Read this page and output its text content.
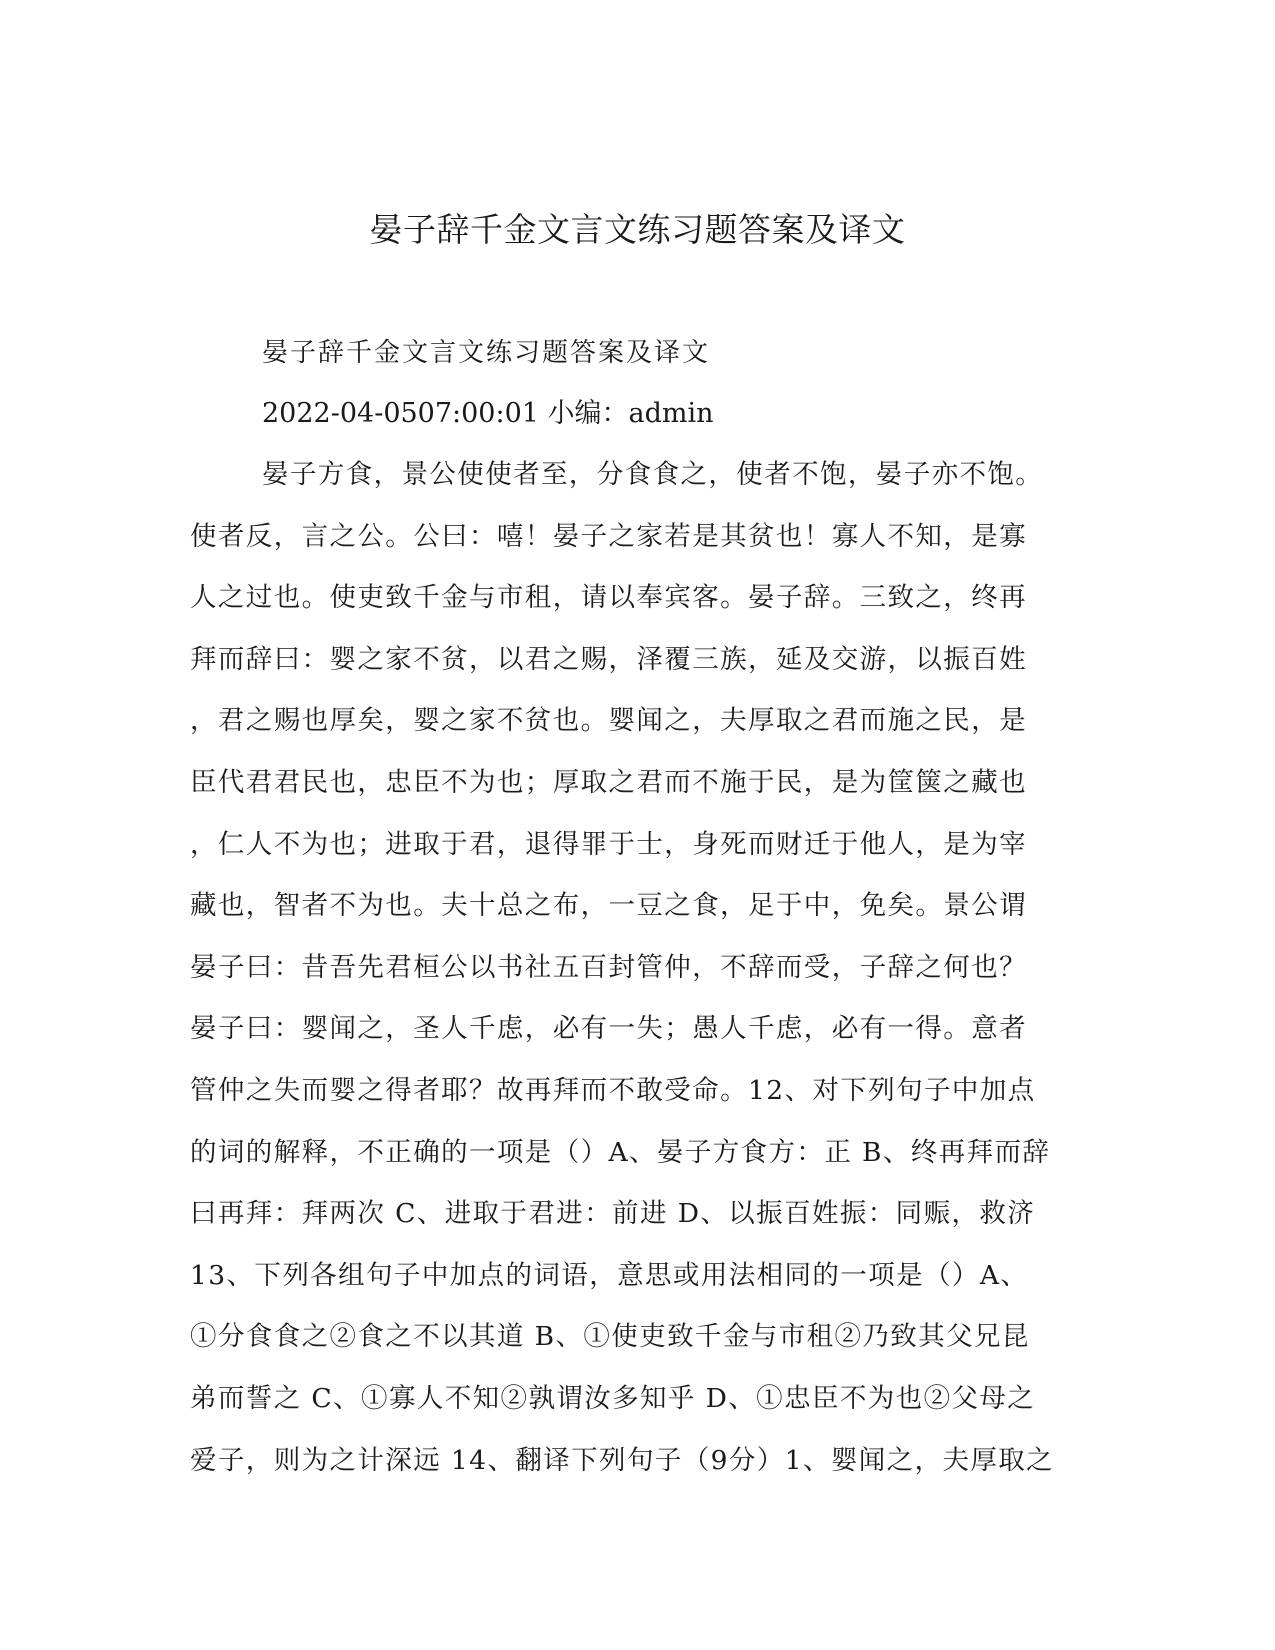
晏子辞千金文言文练习题答案及译文
晏子辞千金文言文练习题答案及译文
2022-04-0507:00:01 小编：admin
晏子方食，景公使使者至，分食食之，使者不饱，晏子亦不饱。
使者反，言之公。公曰：嘻！晏子之家若是其贫也！寡人不知，是寡
人之过也。使吏致千金与市租，请以奉宾客。晏子辞。三致之，终再
拜而辞曰：婴之家不贫，以君之赐，泽覆三族，延及交游，以振百姓
，君之赐也厚矣，婴之家不贫也。婴闻之，夫厚取之君而施之民，是
臣代君君民也，忠臣不为也；厚取之君而不施于民，是为筐箧之藏也
，仁人不为也；进取于君，退得罪于士，身死而财迁于他人，是为宰
藏也，智者不为也。夫十总之布，一豆之食，足于中，免矣。景公谓
晏子曰：昔吾先君桓公以书社五百封管仲，不辞而受，子辞之何也？
晏子曰：婴闻之，圣人千虑，必有一失；愚人千虑，必有一得。意者
管仲之失而婴之得者耶？故再拜而不敢受命。12、对下列句子中加点
的词的解释，不正确的一项是（）A、晏子方食方：正 B、终再拜而辞
曰再拜：拜两次 C、进取于君进：前进 D、以振百姓振：同赈，救济
13、下列各组句子中加点的词语，意思或用法相同的一项是（）A、
①分食食之②食之不以其道 B、①使吏致千金与市租②乃致其父兄昆
弟而誓之 C、①寡人不知②孰谓汝多知乎 D、①忠臣不为也②父母之
爱子，则为之计深远 14、翻译下列句子（9分）1、婴闻之，夫厚取之
